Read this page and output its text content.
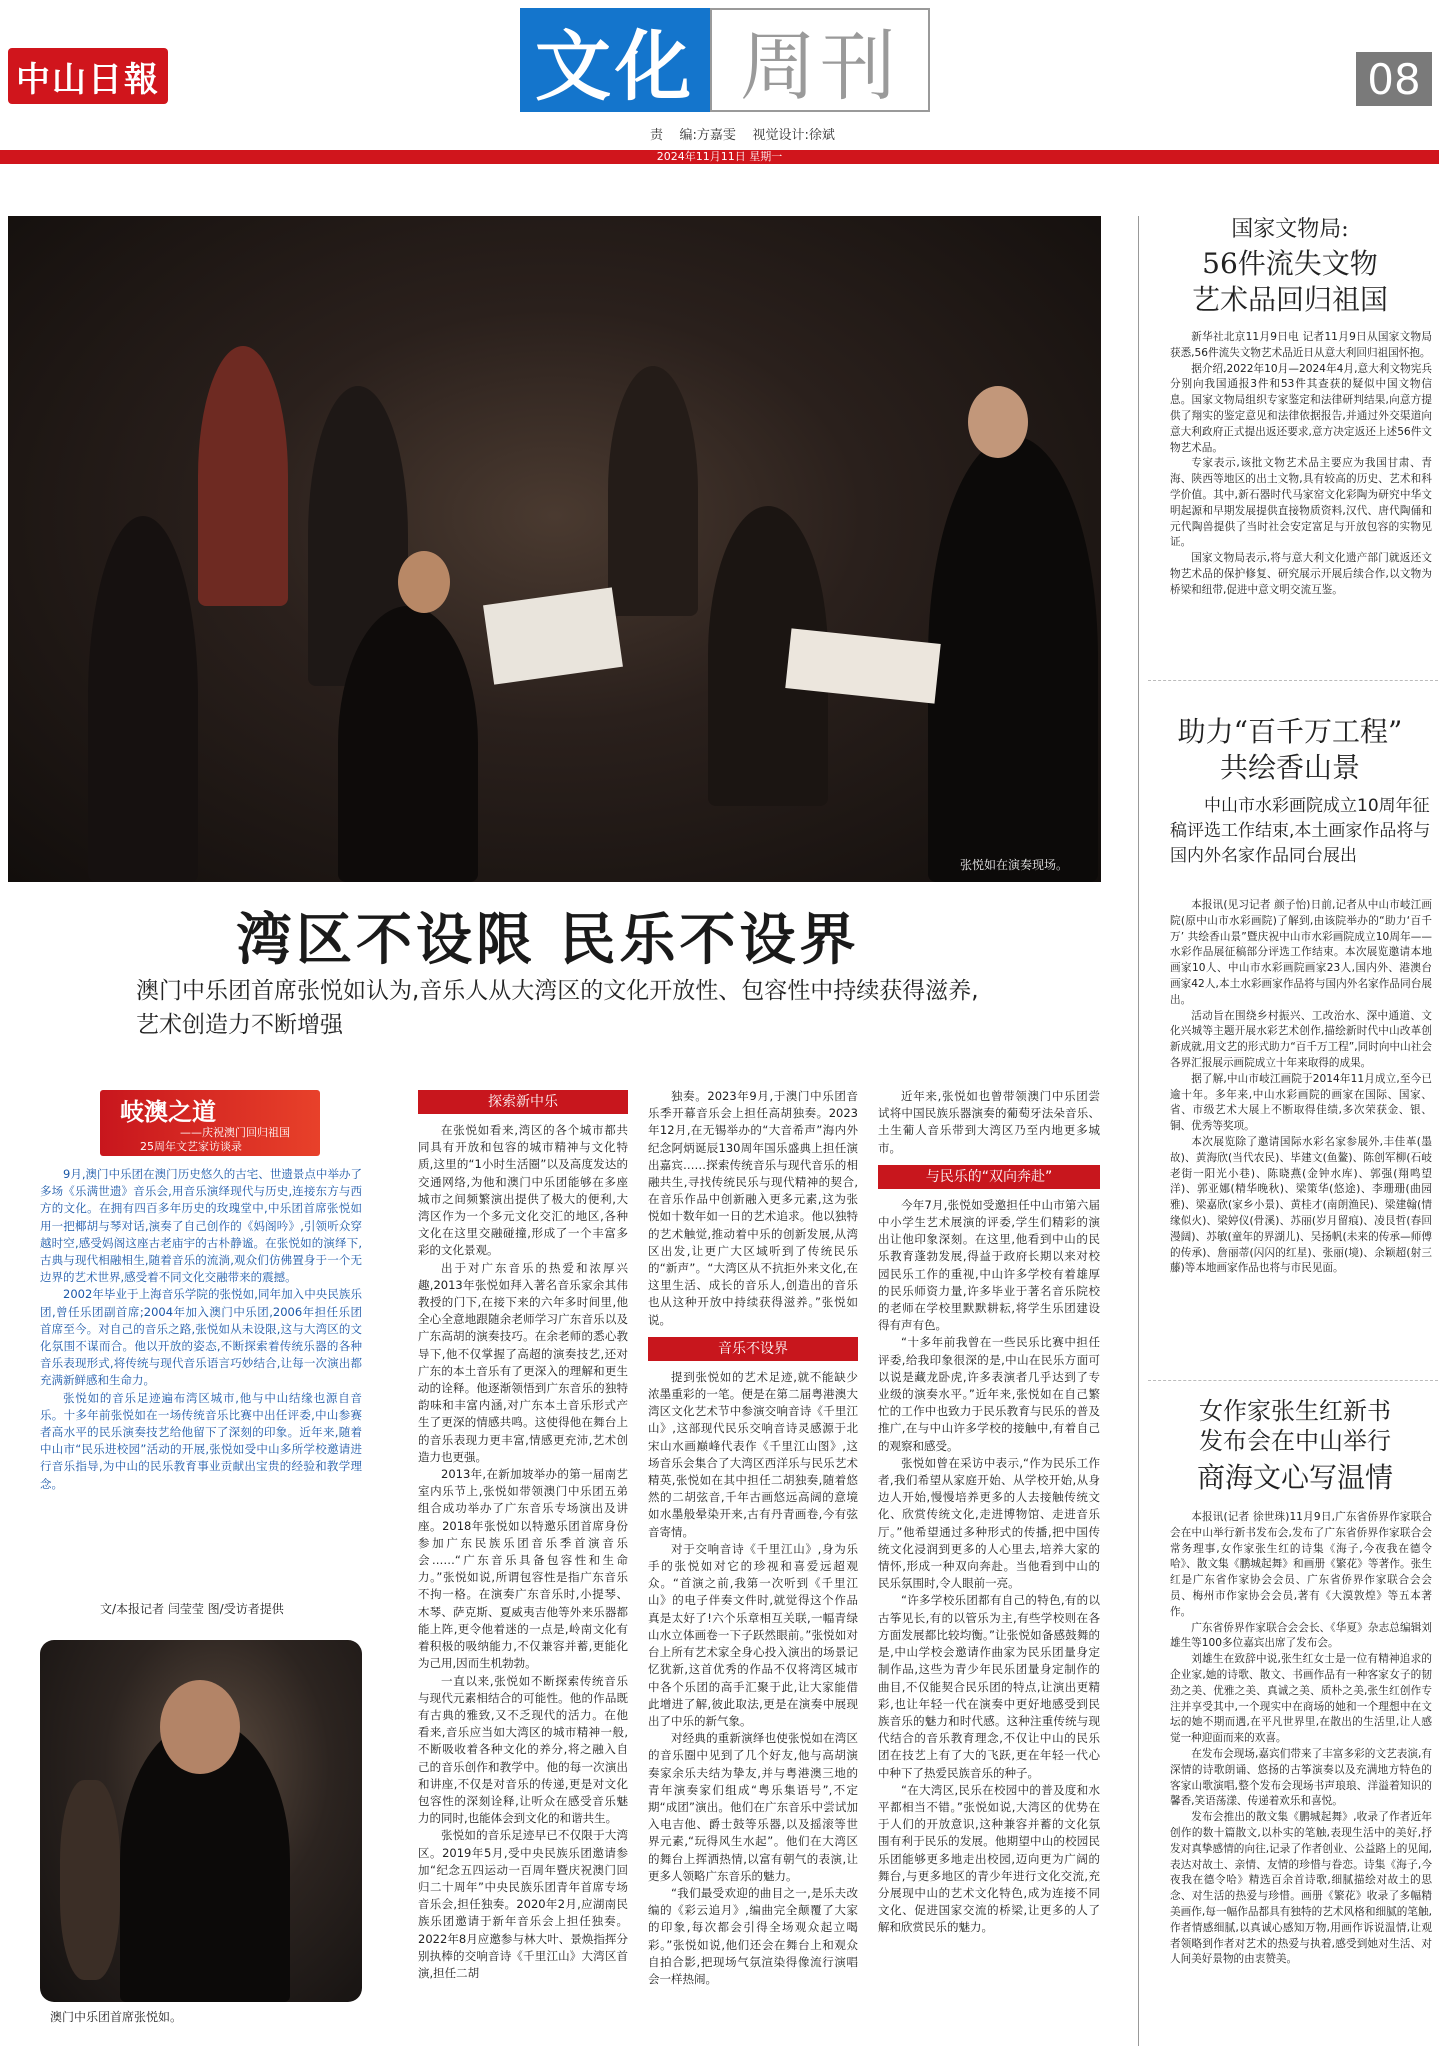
中山日報	文化 周刊	08
责    编:方嘉雯    视觉设计:徐斌
2024年11月11日 星期一
张悦如在演奏现场。
湾区不设限 民乐不设界
澳门中乐团首席张悦如认为,音乐人从大湾区的文化开放性、包容性中持续获得滋养,艺术创造力不断增强
岐澳之道
——庆祝澳门回归祖国
25周年文艺家访谈录

9月,澳门中乐团在澳门历史悠久的古宅、世遗景点中举办了多场《乐满世遗》音乐会,用音乐演绎现代与历史,连接东方与西方的文化。在拥有四百多年历史的玫瑰堂中,中乐团首席张悦如用一把椰胡与琴对话,演奏了自己创作的《妈阁吟》,引领听众穿越时空,感受妈阁这座古老庙宇的古朴静谧。在张悦如的演绎下,古典与现代相融相生,随着音乐的流淌,观众们仿佛置身于一个无边界的艺术世界,感受着不同文化交融带来的震撼。

2002年毕业于上海音乐学院的张悦如,同年加入中央民族乐团,曾任乐团副首席;2004年加入澳门中乐团,2006年担任乐团首席至今。对自己的音乐之路,张悦如从未设限,这与大湾区的文化氛围不谋而合。他以开放的姿态,不断探索着传统乐器的各种音乐表现形式,将传统与现代音乐语言巧妙结合,让每一次演出都充满新鲜感和生命力。

张悦如的音乐足迹遍布湾区城市,他与中山结缘也源自音乐。十多年前张悦如在一场传统音乐比赛中出任评委,中山参赛者高水平的民乐演奏技艺给他留下了深刻的印象。近年来,随着中山市“民乐进校园”活动的开展,张悦如受中山多所学校邀请进行音乐指导,为中山的民乐教育事业贡献出宝贵的经验和教学理念。

文/本报记者 闫莹莹 图/受访者提供
澳门中乐团首席张悦如。
探索新中乐

在张悦如看来,湾区的各个城市都共同具有开放和包容的城市精神与文化特质,这里的“1小时生活圈”以及高度发达的交通网络,为他和澳门中乐团能够在多座城市之间频繁演出提供了极大的便利,大湾区作为一个多元文化交汇的地区,各种文化在这里交融碰撞,形成了一个丰富多彩的文化景观。

出于对广东音乐的热爱和浓厚兴趣,2013年张悦如拜入著名音乐家余其伟教授的门下,在接下来的六年多时间里,他全心全意地跟随余老师学习广东音乐以及广东高胡的演奏技巧。在余老师的悉心教导下,他不仅掌握了高超的演奏技艺,还对广东的本土音乐有了更深入的理解和更生动的诠释。他逐渐领悟到广东音乐的独特韵味和丰富内涵,对广东本土音乐形式产生了更深的情感共鸣。这使得他在舞台上的音乐表现力更丰富,情感更充沛,艺术创造力也更强。

2013年,在新加坡举办的第一届南艺室内乐节上,张悦如带领澳门中乐团五弟组合成功举办了广东音乐专场演出及讲座。2018年张悦如以特邀乐团首席身份参加广东民族乐团音乐季首演音乐会……“广东音乐具备包容性和生命力。”张悦如说,所谓包容性是指广东音乐不拘一格。在演奏广东音乐时,小提琴、木琴、萨克斯、夏威夷吉他等外来乐器都能上阵,更令他着迷的一点是,岭南文化有着积极的吸纳能力,不仅兼容并蓄,更能化为己用,因而生机勃勃。

一直以来,张悦如不断探索传统音乐与现代元素相结合的可能性。他的作品既有古典的雅致,又不乏现代的活力。在他看来,音乐应当如大湾区的城市精神一般,不断吸收着各种文化的养分,将之融入自己的音乐创作和教学中。他的每一次演出和讲座,不仅是对音乐的传递,更是对文化包容性的深刻诠释,让听众在感受音乐魅力的同时,也能体会到文化的和谐共生。

张悦如的音乐足迹早已不仅限于大湾区。2019年5月,受中央民族乐团邀请参加“纪念五四运动一百周年暨庆祝澳门回归二十周年”中央民族乐团青年首席专场音乐会,担任独奏。2020年2月,应湖南民族乐团邀请于新年音乐会上担任独奏。2022年8月应邀参与林大叶、景焕指挥分别执棒的交响音诗《千里江山》大湾区首演,担任二胡

独奏。2023年9月,于澳门中乐团音乐季开幕音乐会上担任高胡独奏。2023年12月,在无锡举办的“大音希声”海内外纪念阿炳诞辰130周年国乐盛典上担任演出嘉宾……探索传统音乐与现代音乐的相融共生,寻找传统民乐与现代精神的契合,在音乐作品中创新融入更多元素,这为张悦如十数年如一日的艺术追求。他以独特的艺术触觉,推动着中乐的创新发展,从湾区出发,让更广大区域听到了传统民乐的“新声”。“大湾区从不抗拒外来文化,在这里生活、成长的音乐人,创造出的音乐也从这种开放中持续获得滋养。”张悦如说。

音乐不设界

提到张悦如的艺术足迹,就不能缺少浓墨重彩的一笔。便是在第二届粤港澳大湾区文化艺术节中参演交响音诗《千里江山》,这部现代民乐交响音诗灵感源于北宋山水画巅峰代表作《千里江山图》,这场音乐会集合了大湾区西洋乐与民乐艺术精英,张悦如在其中担任二胡独奏,随着悠然的二胡弦音,千年古画悠远高阔的意境如水墨般晕染开来,古有丹青画卷,今有弦音寄情。

对于交响音诗《千里江山》,身为乐手的张悦如对它的珍视和喜爱远超观众。“首演之前,我第一次听到《千里江山》的电子伴奏文件时,就觉得这个作品真是太好了!六个乐章相互关联,一幅青绿山水立体画卷一下子跃然眼前。”张悦如对台上所有艺术家全身心投入演出的场景记忆犹新,这首优秀的作品不仅将湾区城市中各个乐团的高手汇聚于此,让大家能借此增进了解,彼此取法,更是在演奏中展现出了中乐的新气象。

对经典的重新演绎也使张悦如在湾区的音乐圈中见到了几个好友,他与高胡演奏家余乐夫结为挚友,并与粤港澳三地的青年演奏家们组成“粤乐集语号”,不定期“成团”演出。他们在广东音乐中尝试加入电吉他、爵士鼓等乐器,以及摇滚等世界元素,“玩得风生水起”。他们在大湾区的舞台上挥洒热情,以富有朝气的表演,让更多人领略广东音乐的魅力。

“我们最受欢迎的曲目之一,是乐夫改编的《彩云追月》,编曲完全颠覆了大家的印象,每次都会引得全场观众起立喝彩。”张悦如说,他们还会在舞台上和观众自拍合影,把现场气氛渲染得像流行演唱会一样热闹。

近年来,张悦如也曾带领澳门中乐团尝试将中国民族乐器演奏的葡萄牙法朵音乐、土生葡人音乐带到大湾区乃至内地更多城市。

与民乐的“双向奔赴”

今年7月,张悦如受邀担任中山市第六届中小学生艺术展演的评委,学生们精彩的演出让他印象深刻。在这里,他看到中山的民乐教育蓬勃发展,得益于政府长期以来对校园民乐工作的重视,中山许多学校有着雄厚的民乐师资力量,许多毕业于著名音乐院校的老师在学校里默默耕耘,将学生乐团建设得有声有色。

“十多年前我曾在一些民乐比赛中担任评委,给我印象很深的是,中山在民乐方面可以说是藏龙卧虎,许多表演者几乎达到了专业级的演奏水平。”近年来,张悦如在自己繁忙的工作中也致力于民乐教育与民乐的普及推广,在与中山许多学校的接触中,有着自己的观察和感受。

张悦如曾在采访中表示,“作为民乐工作者,我们希望从家庭开始、从学校开始,从身边人开始,慢慢培养更多的人去接触传统文化、欣赏传统文化,走进博物馆、走进音乐厅。”他希望通过多种形式的传播,把中国传统文化浸润到更多的人心里去,培养大家的情怀,形成一种双向奔赴。当他看到中山的民乐氛围时,令人眼前一亮。

“许多学校乐团都有自己的特色,有的以古筝见长,有的以管乐为主,有些学校则在各方面发展都比较均衡。”让张悦如备感鼓舞的是,中山学校会邀请作曲家为民乐团量身定制作品,这些为青少年民乐团量身定制作的曲目,不仅能契合民乐团的特点,让演出更精彩,也让年轻一代在演奏中更好地感受到民族音乐的魅力和时代感。这种注重传统与现代结合的音乐教育理念,不仅让中山的民乐团在技艺上有了大的飞跃,更在年轻一代心中种下了热爱民族音乐的种子。

“在大湾区,民乐在校园中的普及度和水平都相当不错。”张悦如说,大湾区的优势在于人们的开放意识,这种兼容并蓄的文化氛围有利于民乐的发展。他期望中山的校园民乐团能够更多地走出校园,迈向更为广阔的舞台,与更多地区的青少年进行文化交流,充分展现中山的艺术文化特色,成为连接不同文化、促进国家交流的桥梁,让更多的人了解和欣赏民乐的魅力。

国家文物局:
56件流失文物
艺术品回归祖国

新华社北京11月9日电 记者11月9日从国家文物局获悉,56件流失文物艺术品近日从意大利回归祖国怀抱。

据介绍,2022年10月—2024年4月,意大利文物宪兵分别向我国通报3件和53件其查获的疑似中国文物信息。国家文物局组织专家鉴定和法律研判结果,向意方提供了翔实的鉴定意见和法律依据报告,并通过外交渠道向意大利政府正式提出返还要求,意方决定返还上述56件文物艺术品。

专家表示,该批文物艺术品主要应为我国甘肃、青海、陕西等地区的出土文物,具有较高的历史、艺术和科学价值。其中,新石器时代马家窑文化彩陶为研究中华文明起源和早期发展提供直接物质资料,汉代、唐代陶俑和元代陶兽提供了当时社会安定富足与开放包容的实物见证。

国家文物局表示,将与意大利文化遗产部门就返还文物艺术品的保护修复、研究展示开展后续合作,以文物为桥梁和纽带,促进中意文明交流互鉴。

助力“百千万工程”
共绘香山景
中山市水彩画院成立10周年征稿评选工作结束,本土画家作品将与国内外名家作品同台展出

本报讯(见习记者 颜子怡)日前,记者从中山市岐江画院(原中山市水彩画院)了解到,由该院举办的“助力‘百千万’ 共绘香山景”暨庆祝中山市水彩画院成立10周年——水彩作品展征稿部分评选工作结束。本次展览邀请本地画家10人、中山市水彩画院画家23人,国内外、港澳台画家42人,本土水彩画家作品将与国内外名家作品同台展出。

活动旨在围绕乡村振兴、工改治水、深中通道、文化兴城等主题开展水彩艺术创作,描绘新时代中山改革创新成就,用文艺的形式助力“百千万工程”,同时向中山社会各界汇报展示画院成立十年来取得的成果。

据了解,中山市岐江画院于2014年11月成立,至今已逾十年。多年来,中山水彩画院的画家在国际、国家、省、市级艺术大展上不断取得佳绩,多次荣获金、银、铜、优秀等奖项。

本次展览除了邀请国际水彩名家参展外,丰佳革(墨故)、黄海欣(当代农民)、毕建文(鱼鳌)、陈创军柳(石岐老街一阳光小巷)、陈晓燕(金钟水库)、郭强(翔鸣望洋)、郭亚娜(精华晚秋)、梁策华(悠途)、李珊珊(曲园雅)、梁嘉欣(家乡小景)、黄桂才(南朗渔民)、梁建翰(情缘似火)、梁婷仪(骨溪)、苏丽(岁月留痕)、凌艮哲(春回漫阔)、苏敏(童年的界湖儿)、吴扬帆(未来的传承—师傅的传承)、詹丽蒂(闪闪的红星)、张丽(境)、余颖超(射三藤)等本地画家作品也将与市民见面。

女作家张生红新书
发布会在中山举行
商海文心写温情

本报讯(记者 徐世珠)11月9日,广东省侨界作家联合会在中山举行新书发布会,发布了广东省侨界作家联合会常务理事,女作家张生红的诗集《海子,今夜我在德令哈》、散文集《鹏城起舞》和画册《繁花》等著作。张生红是广东省作家协会会员、广东省侨界作家联合会会员、梅州市作家协会会员,著有《大漠敦煌》等五本著作。

广东省侨界作家联合会会长、《华夏》杂志总编辑刘雄生等100多位嘉宾出席了发布会。

刘雄生在致辞中说,张生红女士是一位有精神追求的企业家,她的诗歌、散文、书画作品有一种客家女子的韧劲之美、优雅之美、真诚之美、质朴之美,张生红创作专注并享受其中,一个现实中在商场的她和一个理想中在文坛的她不期而遇,在平凡世界里,在散出的生活里,让人感觉一种迎面而来的欢喜。

在发布会现场,嘉宾们带来了丰富多彩的文艺表演,有深情的诗歌朗诵、悠扬的古筝演奏以及充满地方特色的客家山歌演唱,整个发布会现场书声琅琅、洋溢着知识的馨香,笑语荡漾、传递着欢乐和喜悦。

发布会推出的散文集《鹏城起舞》,收录了作者近年创作的数十篇散文,以朴实的笔触,表现生活中的美好,抒发对真挚感情的向往,记录了作者创业、公益路上的见闻,表达对故土、亲情、友情的珍惜与眷恋。诗集《海子,今夜我在德令哈》精选百余首诗歌,细腻描绘对故土的思念、对生活的热爱与珍惜。画册《繁花》收录了多幅精美画作,每一幅作品都具有独特的艺术风格和细腻的笔触,作者情感细腻,以真诚心感知万物,用画作诉说温情,让观者领略到作者对艺术的热爱与执着,感受到她对生活、对人间美好景物的由衷赞美。
